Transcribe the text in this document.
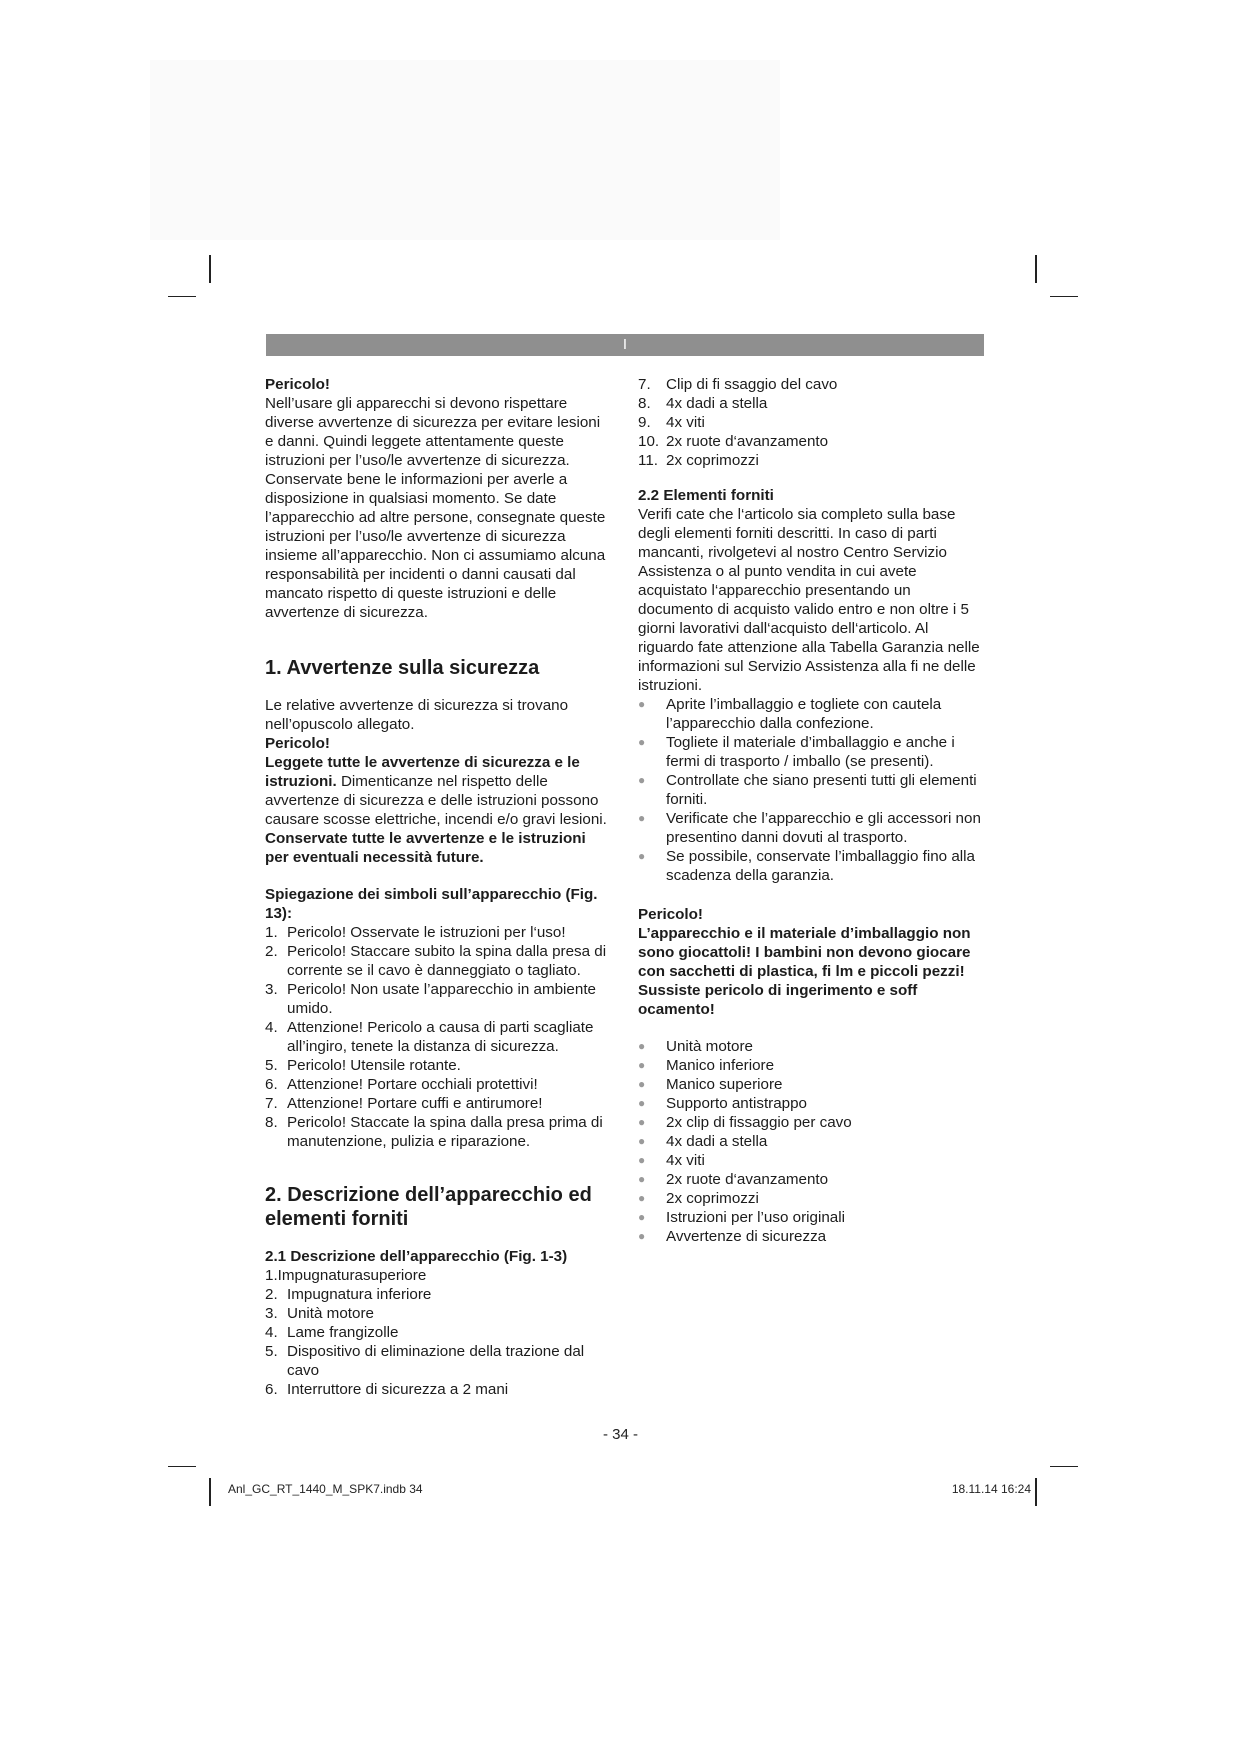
I

Pericolo!

Nell’usare gli apparecchi si devono rispettare diverse avvertenze di sicurezza per evitare lesioni e danni. Quindi leggete attentamente queste istruzioni per l’uso/le avvertenze di sicurezza. Conservate bene le informazioni per averle a disposizione in qualsiasi momento. Se date l’apparecchio ad altre persone, consegnate queste istruzioni per l’uso/le avvertenze di sicurezza insieme all’apparecchio. Non ci assumiamo alcuna responsabilità per incidenti o danni causati dal mancato rispetto di queste istruzioni e delle avvertenze di sicurezza.

1. Avvertenze sulla sicurezza

Le relative avvertenze di sicurezza si trovano nell’opuscolo allegato.

Pericolo!

Leggete tutte le avvertenze di sicurezza e le istruzioni. Dimenticanze nel rispetto delle avvertenze di sicurezza e delle istruzioni possono causare scosse elettriche, incendi e/o gravi lesioni.

Conservate tutte le avvertenze e le istruzioni per eventuali necessità future.

Spiegazione dei simboli sull’apparecchio (Fig. 13):

1. Pericolo! Osservate le istruzioni per l‘uso!
2. Pericolo! Staccare subito la spina dalla presa di corrente se il cavo è danneggiato o tagliato.
3. Pericolo! Non usate l’apparecchio in ambiente umido.
4. Attenzione! Pericolo a causa di parti scagliate all’ingiro, tenete la distanza di sicurezza.
5. Pericolo! Utensile rotante.
6. Attenzione! Portare occhiali protettivi!
7. Attenzione! Portare cuffi e antirumore!
8. Pericolo! Staccate la spina dalla presa prima di manutenzione, pulizia e riparazione.

2. Descrizione dell’apparecchio ed elementi forniti

2.1 Descrizione dell’apparecchio (Fig. 1-3)

1. Impugnaturasuperiore
2. Impugnatura inferiore
3. Unità motore
4. Lame frangizolle
5. Dispositivo di eliminazione della trazione dal cavo
6. Interruttore di sicurezza a 2 mani
7.	Clip di fi ssaggio del cavo
8.	4x dadi a stella
9.	4x viti
10. 2x ruote d‘avanzamento
11. 2x coprimozzi

2.2 Elementi forniti

Verifi cate che l‘articolo sia completo sulla base degli elementi forniti descritti. In caso di parti mancanti, rivolgetevi al nostro Centro Servizio Assistenza o al punto vendita in cui avete acquistato l‘apparecchio presentando un documento di acquisto valido entro e non oltre i 5 giorni lavorativi dall‘acquisto dell‘articolo. Al riguardo fate attenzione alla Tabella Garanzia nelle informazioni sul Servizio Assistenza alla fi ne delle istruzioni.

●	Aprite l’imballaggio e togliete con cautela l’apparecchio dalla confezione.
●	Togliete il materiale d’imballaggio e anche i fermi di trasporto / imballo (se presenti).
●	Controllate che siano presenti tutti gli elementi forniti.
●	Verificate che l’apparecchio e gli accessori non presentino danni dovuti al trasporto.
●	Se possibile, conservate l’imballaggio fino alla scadenza della garanzia.

Pericolo!

L’apparecchio e il materiale d’imballaggio non sono giocattoli! I bambini non devono giocare con sacchetti di plastica, fi lm e piccoli pezzi! Sussiste pericolo di ingerimento e soff ocamento!

●	Unità motore
●	Manico inferiore
●	Manico superiore
●	Supporto antistrappo
●	2x clip di fissaggio per cavo
●	4x dadi a stella
●	4x viti
●	2x ruote d‘avanzamento
●	2x coprimozzi
●	Istruzioni per l’uso originali
●	Avvertenze di sicurezza
- 34 -
Anl_GC_RT_1440_M_SPK7.indb 34	18.11.14 16:24
